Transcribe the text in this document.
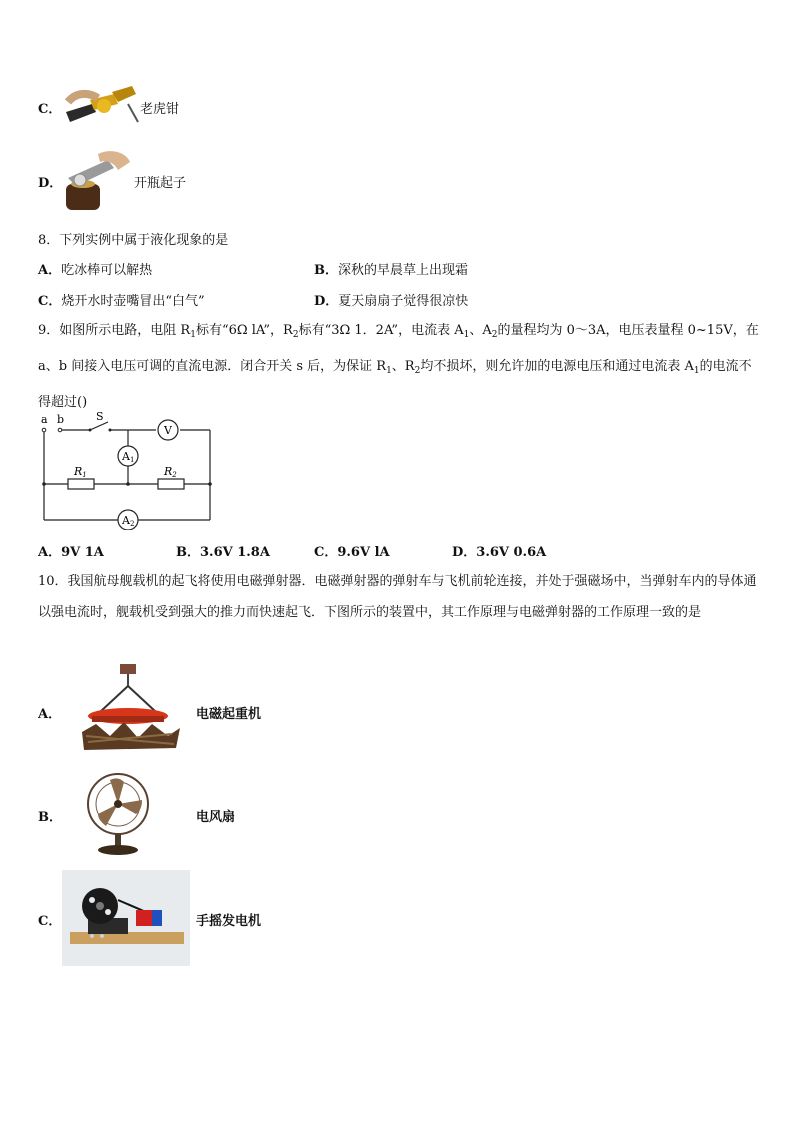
C．	老虎钳
D．	开瓶起子
8．下列实例中属于液化现象的是
A．吃冰棒可以解热	B．深秋的早晨草上出现霜
C．烧开水时壶嘴冒出“白气”	D．夏天扇扇子觉得很凉快
9．如图所示电路，电阻 $R_1$标有“6Ω lA”，$R_2$标有“3Ω 1．2A”，电流表 $A_1$、$A_2$的量程均为 0～3A，电压表量程 0~15V，在 a、b 间接入电压可调的直流电源．闭合开关 s 后，为保证 $R_1$、$R_2$均不损坏，则允许加的电源电压和通过电流表 $A_1$的电流不得超过()
a b	S
V
A1
R1	R2
A2
A．9V 1A	B．3.6V 1.8A	C．9.6V lA	D．3.6V 0.6A
10．我国航母舰载机的起飞将使用电磁弹射器．电磁弹射器的弹射车与飞机前轮连接，并处于强磁场中，当弹射车内的导体通以强电流时，舰载机受到强大的推力而快速起飞．下图所示的装置中，其工作原理与电磁弹射器的工作原理一致的是
A．	电磁起重机
B．	电风扇
C．	手摇发电机
